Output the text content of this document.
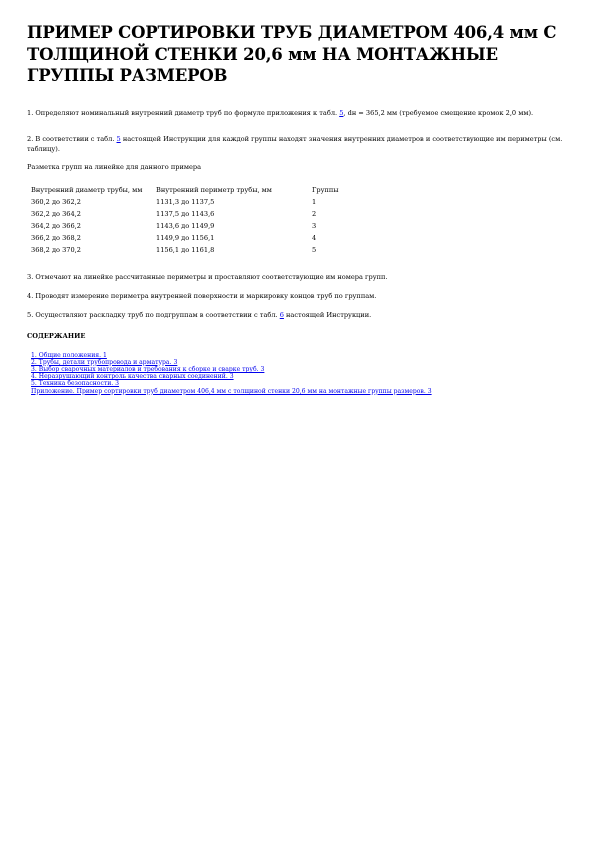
ПРИМЕР СОРТИРОВКИ ТРУБ ДИАМЕТРОМ 406,4 мм С ТОЛЩИНОЙ СТЕНКИ 20,6 мм НА МОНТАЖНЫЕ ГРУППЫ РАЗМЕРОВ

1. Определяют номинальный внутренний диаметр труб по формуле приложения к табл. 5, dн = 365,2 мм (требуемое смещение кромок 2,0 мм).

2. В соответствии с табл. 5 настоящей Инструкции для каждой группы находят значения внутренних диаметров и соответствующие им периметры (см. таблицу).

Разметка групп на линейке для данного примера

Внутренний диаметр трубы, мм	Внутренний периметр трубы, мм	Группы
360,2 до 362,2	1131,3 до 1137,5	1
362,2 до 364,2	1137,5 до 1143,6	2
364,2 до 366,2	1143,6 до 1149,9	3
366,2 до 368,2	1149,9 до 1156,1	4
368,2 до 370,2	1156,1 до 1161,8	5

3. Отмечают на линейке рассчитанные периметры и проставляют соответствующие им номера групп.

4. Проводят измерение периметра внутренней поверхности и маркировку концов труб по группам.

5. Осуществляют раскладку труб по подгруппам в соответствии с табл. 6 настоящей Инструкции.

СОДЕРЖАНИЕ
1. Общие положения. 1
2. Трубы, детали трубопровода и арматура. 3
3. Выбор сварочных материалов и требования к сборке и сварке труб. 3
4. Неразрушающий контроль качества сварных соединений. 3
5. Техника безопасности. 3
Приложение. Пример сортировки труб диаметром 406,4 мм с толщиной стенки 20,6 мм на монтажные группы размеров. 3
